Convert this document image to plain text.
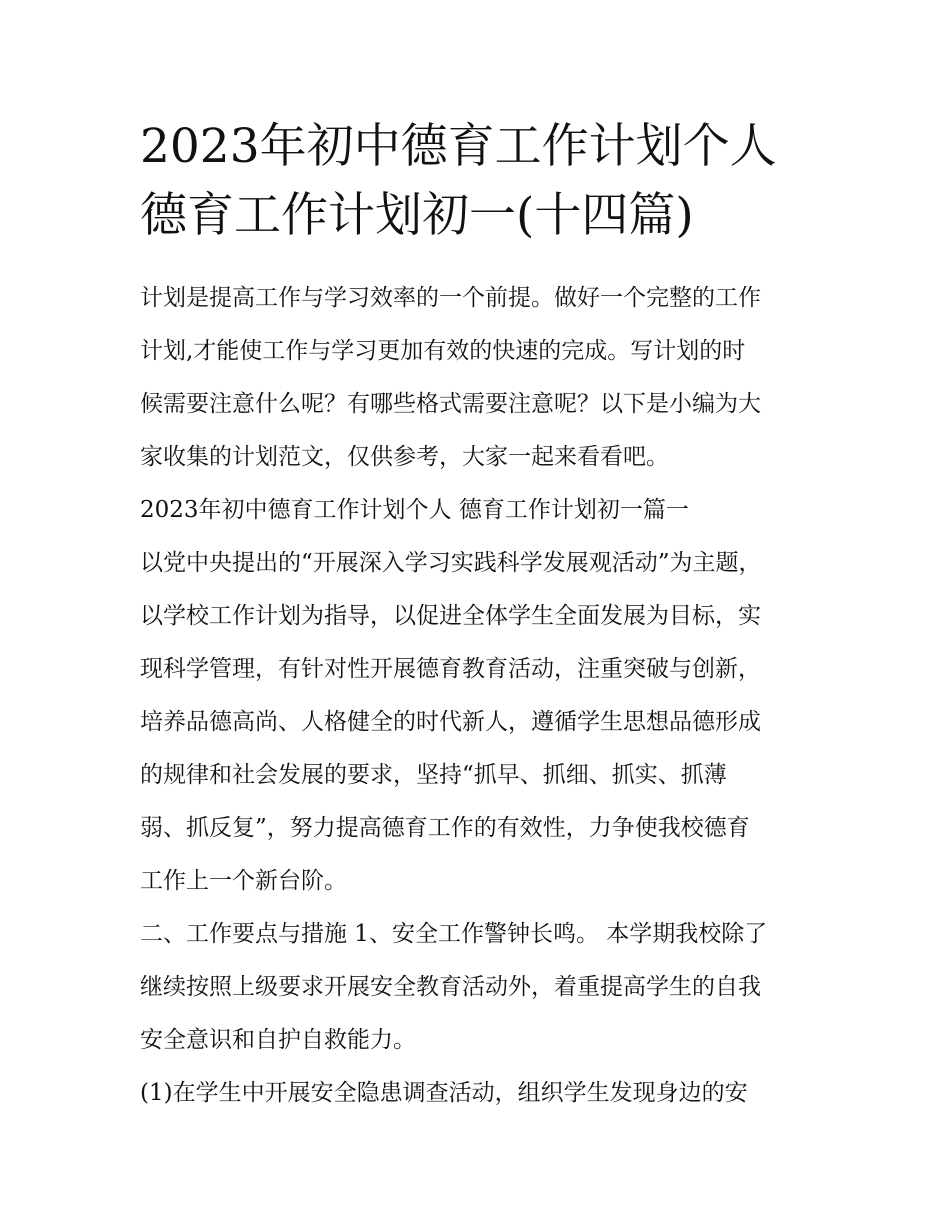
2023年初中德育工作计划个人
德育工作计划初一(十四篇)
计划是提高工作与学习效率的一个前提。做好一个完整的工作
计划,才能使工作与学习更加有效的快速的完成。写计划的时
候需要注意什么呢？有哪些格式需要注意呢？以下是小编为大
家收集的计划范文，仅供参考，大家一起来看看吧。
2023年初中德育工作计划个人 德育工作计划初一篇一
以党中央提出的“开展深入学习实践科学发展观活动”为主题，
以学校工作计划为指导，以促进全体学生全面发展为目标，实
现科学管理，有针对性开展德育教育活动，注重突破与创新，
培养品德高尚、人格健全的时代新人，遵循学生思想品德形成
的规律和社会发展的要求，坚持“抓早、抓细、抓实、抓薄
弱、抓反复”，努力提高德育工作的有效性，力争使我校德育
工作上一个新台阶。
二、工作要点与措施 1、安全工作警钟长鸣。 本学期我校除了
继续按照上级要求开展安全教育活动外，着重提高学生的自我
安全意识和自护自救能力。
(1)在学生中开展安全隐患调查活动，组织学生发现身边的安
